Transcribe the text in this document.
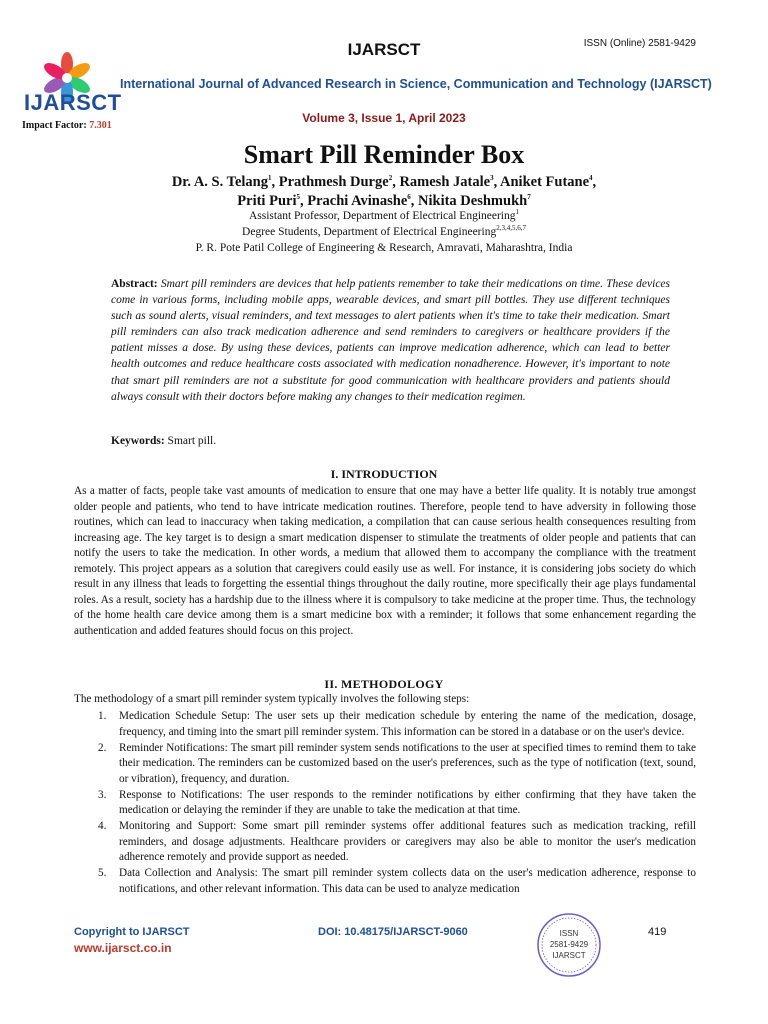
IJARSCT
Impact Factor: 7.301
IJARSCT	ISSN (Online) 2581-9429
International Journal of Advanced Research in Science, Communication and Technology (IJARSCT)
Volume 3, Issue 1, April 2023
Smart Pill Reminder Box
Dr. A. S. Telang$^1$, Prathmesh Durge$^2$, Ramesh Jatale$^3$, Aniket Futane$^4$,
Priti Puri$^5$, Prachi Avinashe$^6$, Nikita Deshmukh$^7$
Assistant Professor, Department of Electrical Engineering$^1$
Degree Students, Department of Electrical Engineering$^{2,3,4,5,6,7}$
P. R. Pote Patil College of Engineering & Research, Amravati, Maharashtra, India
Abstract: Smart pill reminders are devices that help patients remember to take their medications on time. These devices come in various forms, including mobile apps, wearable devices, and smart pill bottles. They use different techniques such as sound alerts, visual reminders, and text messages to alert patients when it's time to take their medication. Smart pill reminders can also track medication adherence and send reminders to caregivers or healthcare providers if the patient misses a dose. By using these devices, patients can improve medication adherence, which can lead to better health outcomes and reduce healthcare costs associated with medication nonadherence. However, it's important to note that smart pill reminders are not a substitute for good communication with healthcare providers and patients should always consult with their doctors before making any changes to their medication regimen.
Keywords: Smart pill.
I. INTRODUCTION
As a matter of facts, people take vast amounts of medication to ensure that one may have a better life quality. It is notably true amongst older people and patients, who tend to have intricate medication routines. Therefore, people tend to have adversity in following those routines, which can lead to inaccuracy when taking medication, a compilation that can cause serious health consequences resulting from increasing age. The key target is to design a smart medication dispenser to stimulate the treatments of older people and patients that can notify the users to take the medication. In other words, a medium that allowed them to accompany the compliance with the treatment remotely. This project appears as a solution that caregivers could easily use as well. For instance, it is considering jobs society do which result in any illness that leads to forgetting the essential things throughout the daily routine, more specifically their age plays fundamental roles. As a result, society has a hardship due to the illness where it is compulsory to take medicine at the proper time. Thus, the technology of the home health care device among them is a smart medicine box with a reminder; it follows that some enhancement regarding the authentication and added features should focus on this project.
II. METHODOLOGY
The methodology of a smart pill reminder system typically involves the following steps:
1. Medication Schedule Setup: The user sets up their medication schedule by entering the name of the medication, dosage, frequency, and timing into the smart pill reminder system. This information can be stored in a database or on the user's device.
2. Reminder Notifications: The smart pill reminder system sends notifications to the user at specified times to remind them to take their medication. The reminders can be customized based on the user's preferences, such as the type of notification (text, sound, or vibration), frequency, and duration.
3. Response to Notifications: The user responds to the reminder notifications by either confirming that they have taken the medication or delaying the reminder if they are unable to take the medication at that time.
4. Monitoring and Support: Some smart pill reminder systems offer additional features such as medication tracking, refill reminders, and dosage adjustments. Healthcare providers or caregivers may also be able to monitor the user's medication adherence remotely and provide support as needed.
5. Data Collection and Analysis: The smart pill reminder system collects data on the user's medication adherence, response to notifications, and other relevant information. This data can be used to analyze medication
Copyright to IJARSCT
www.ijarsct.co.in
DOI: 10.48175/IJARSCT-9060	ISSN
2581-9429
IJARSCT
419
